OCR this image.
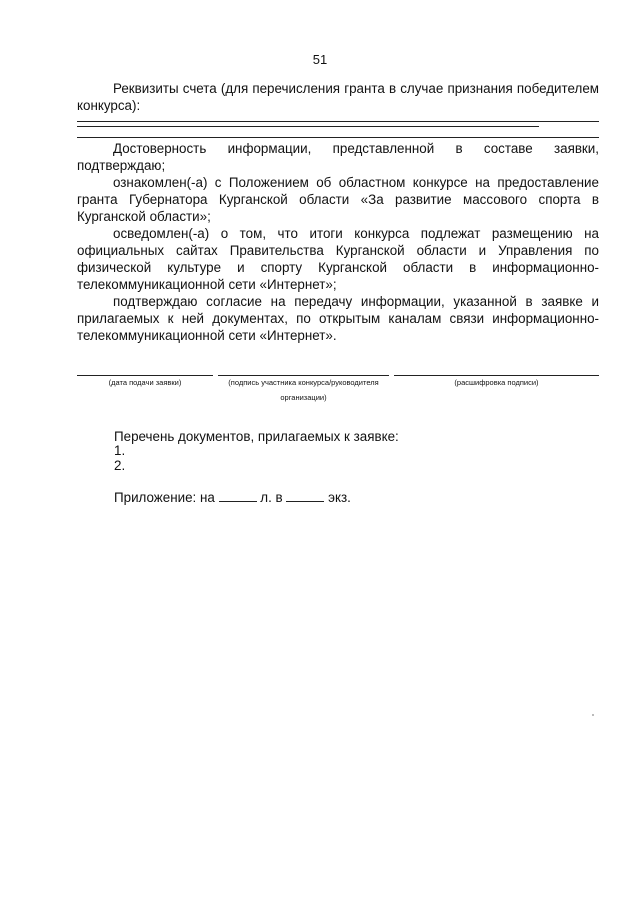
51

Реквизиты счета (для перечисления гранта в случае признания победителем конкурса):

Достоверность информации, представленной в составе заявки, подтверждаю;

ознакомлен(-а) с Положением об областном конкурсе на предоставление гранта Губернатора Курганской области «За развитие массового спорта в Курганской области»;

осведомлен(-а) о том, что итоги конкурса подлежат размещению на официальных сайтах Правительства Курганской области и Управления по физической культуре и спорту Курганской области в информационно-телекоммуникационной сети «Интернет»;

подтверждаю согласие на передачу информации, указанной в заявке и прилагаемых к ней документах, по открытым каналам связи информационно-телекоммуникационной сети «Интернет».

(дата подачи заявки)	(подпись участника конкурса/руководителя
организации)
(расшифровка подписи)
Перечень документов, прилагаемых к заявке:
1.
2.
Приложение: на	л. в	экз.
